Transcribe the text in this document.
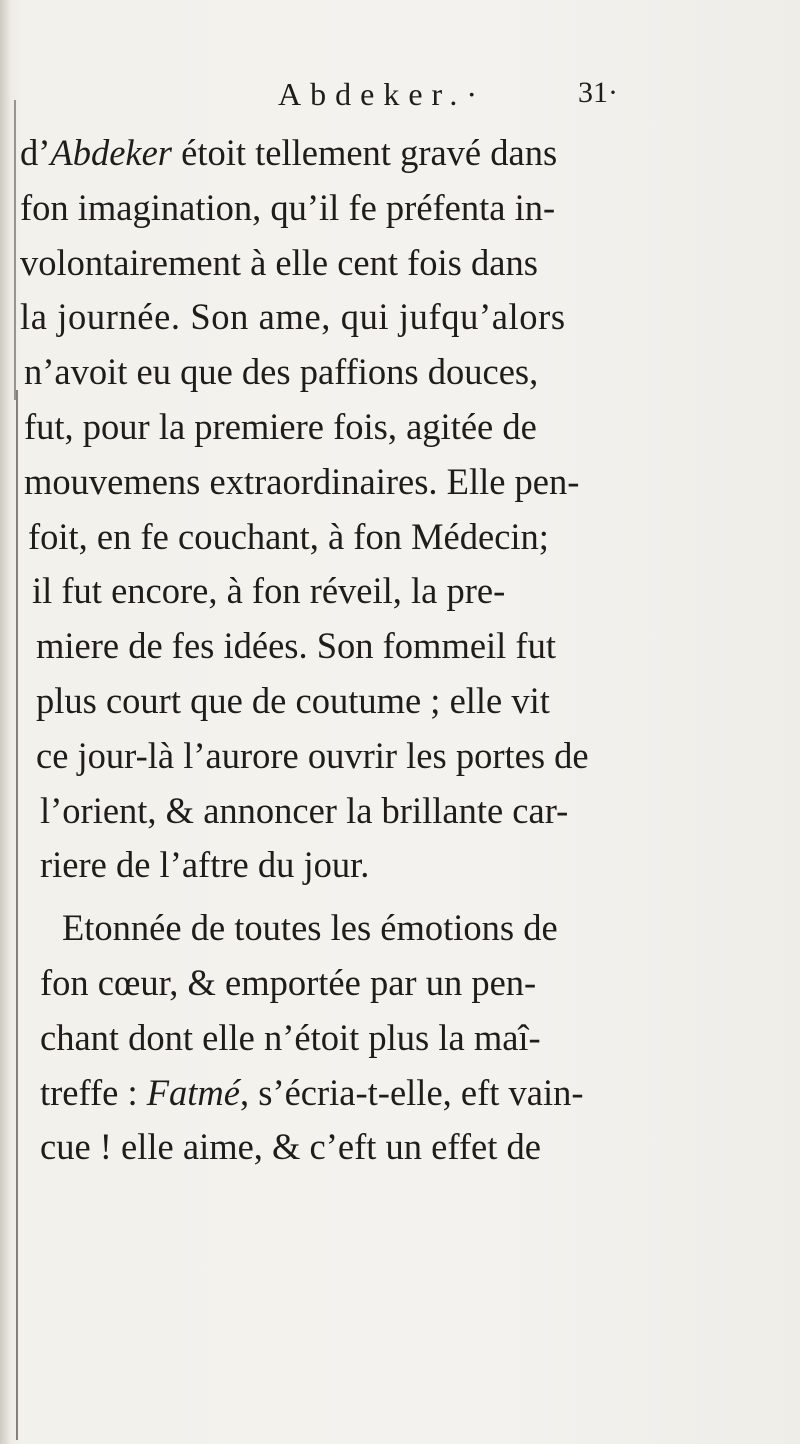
Abdeker.·	31·
d’Abdeker étoit tellement gravé dans
fon imagination, qu’il fe préfenta in-
volontairement à elle cent fois dans
la journée. Son ame, qui jufqu’alors
n’avoit eu que des paffions douces,
fut, pour la premiere fois, agitée de
mouvemens extraordinaires. Elle pen-
foit, en fe couchant, à fon Médecin;
il fut encore, à fon réveil, la pre-
miere de fes idées. Son fommeil fut
plus court que de coutume ; elle vit
ce jour-là l’aurore ouvrir les portes de
l’orient, & annoncer la brillante car-
riere de l’aftre du jour.
Etonnée de toutes les émotions de
fon cœur, & emportée par un pen-
chant dont elle n’étoit plus la maî-
treffe : Fatmé, s’écria-t-elle, eft vain-
cue ! elle aime, & c’eft un effet de
